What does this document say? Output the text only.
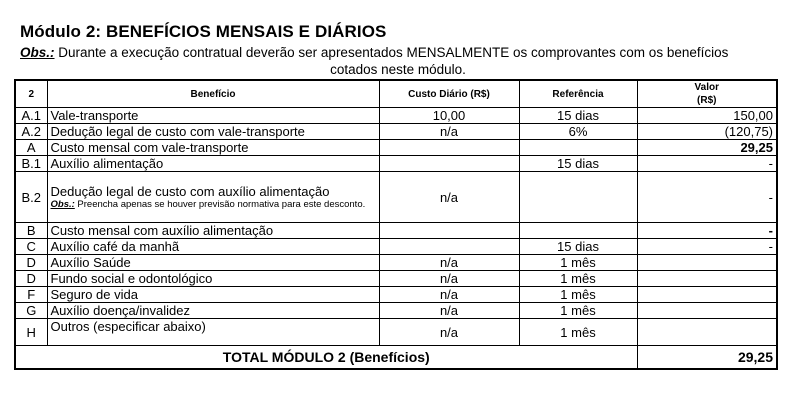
Módulo 2: BENEFÍCIOS MENSAIS E DIÁRIOS
Obs.: Durante a execução contratual deverão ser apresentados MENSALMENTE os comprovantes com os benefícios
cotados neste módulo.
2	Benefício	Custo Diário (R$)	Referência	Valor
(R$)
A.1	Vale-transporte	10,00	15 dias	150,00
A.2	Dedução legal de custo com vale-transporte	n/a	6%	(120,75)
A	Custo mensal com vale-transporte			29,25
B.1	Auxílio alimentação		15 dias	-
B.2	Dedução legal de custo com auxílio alimentação
Obs.: Preencha apenas se houver previsão normativa para este desconto.	n/a		-
B	Custo mensal com auxílio alimentação			-
C	Auxílio café da manhã		15 dias	-
D	Auxílio Saúde	n/a	1 mês	
D	Fundo social e odontológico	n/a	1 mês	
F	Seguro de vida	n/a	1 mês	
G	Auxílio doença/invalidez	n/a	1 mês	
H	Outros (especificar abaixo)	n/a	1 mês	
TOTAL MÓDULO 2 (Benefícios)				29,25
